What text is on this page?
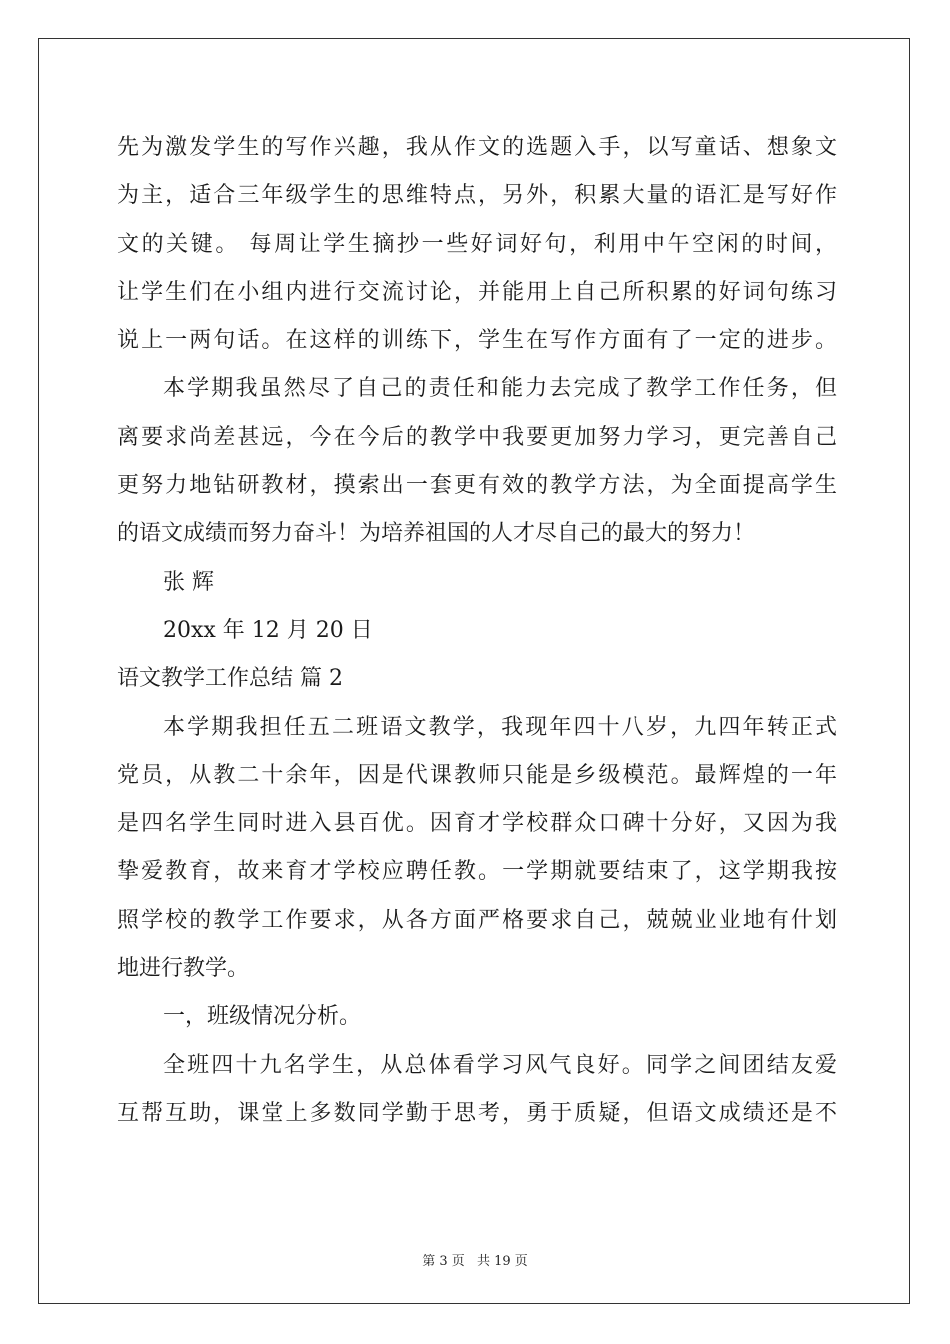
先为激发学生的写作兴趣，我从作文的选题入手，以写童话、想象文
为主，适合三年级学生的思维特点，另外，积累大量的语汇是写好作
文的关键。 每周让学生摘抄一些好词好句，利用中午空闲的时间，
让学生们在小组内进行交流讨论，并能用上自己所积累的好词句练习
说上一两句话。在这样的训练下，学生在写作方面有了一定的进步。
本学期我虽然尽了自己的责任和能力去完成了教学工作任务，但
离要求尚差甚远，今在今后的教学中我要更加努力学习，更完善自己
更努力地钻研教材，摸索出一套更有效的教学方法，为全面提高学生
的语文成绩而努力奋斗！为培养祖国的人才尽自己的最大的努力！
张 辉
20xx 年 12 月 20 日
语文教学工作总结 篇 2
本学期我担任五二班语文教学，我现年四十八岁，九四年转正式
党员，从教二十余年，因是代课教师只能是乡级模范。最辉煌的一年
是四名学生同时进入县百优。因育才学校群众口碑十分好，又因为我
挚爱教育，故来育才学校应聘任教。一学期就要结束了，这学期我按
照学校的教学工作要求，从各方面严格要求自己，兢兢业业地有什划
地进行教学。
一，班级情况分析。
全班四十九名学生，从总体看学习风气良好。同学之间团结友爱
互帮互助，课堂上多数同学勤于思考，勇于质疑，但语文成绩还是不
第 3 页 共 19 页
